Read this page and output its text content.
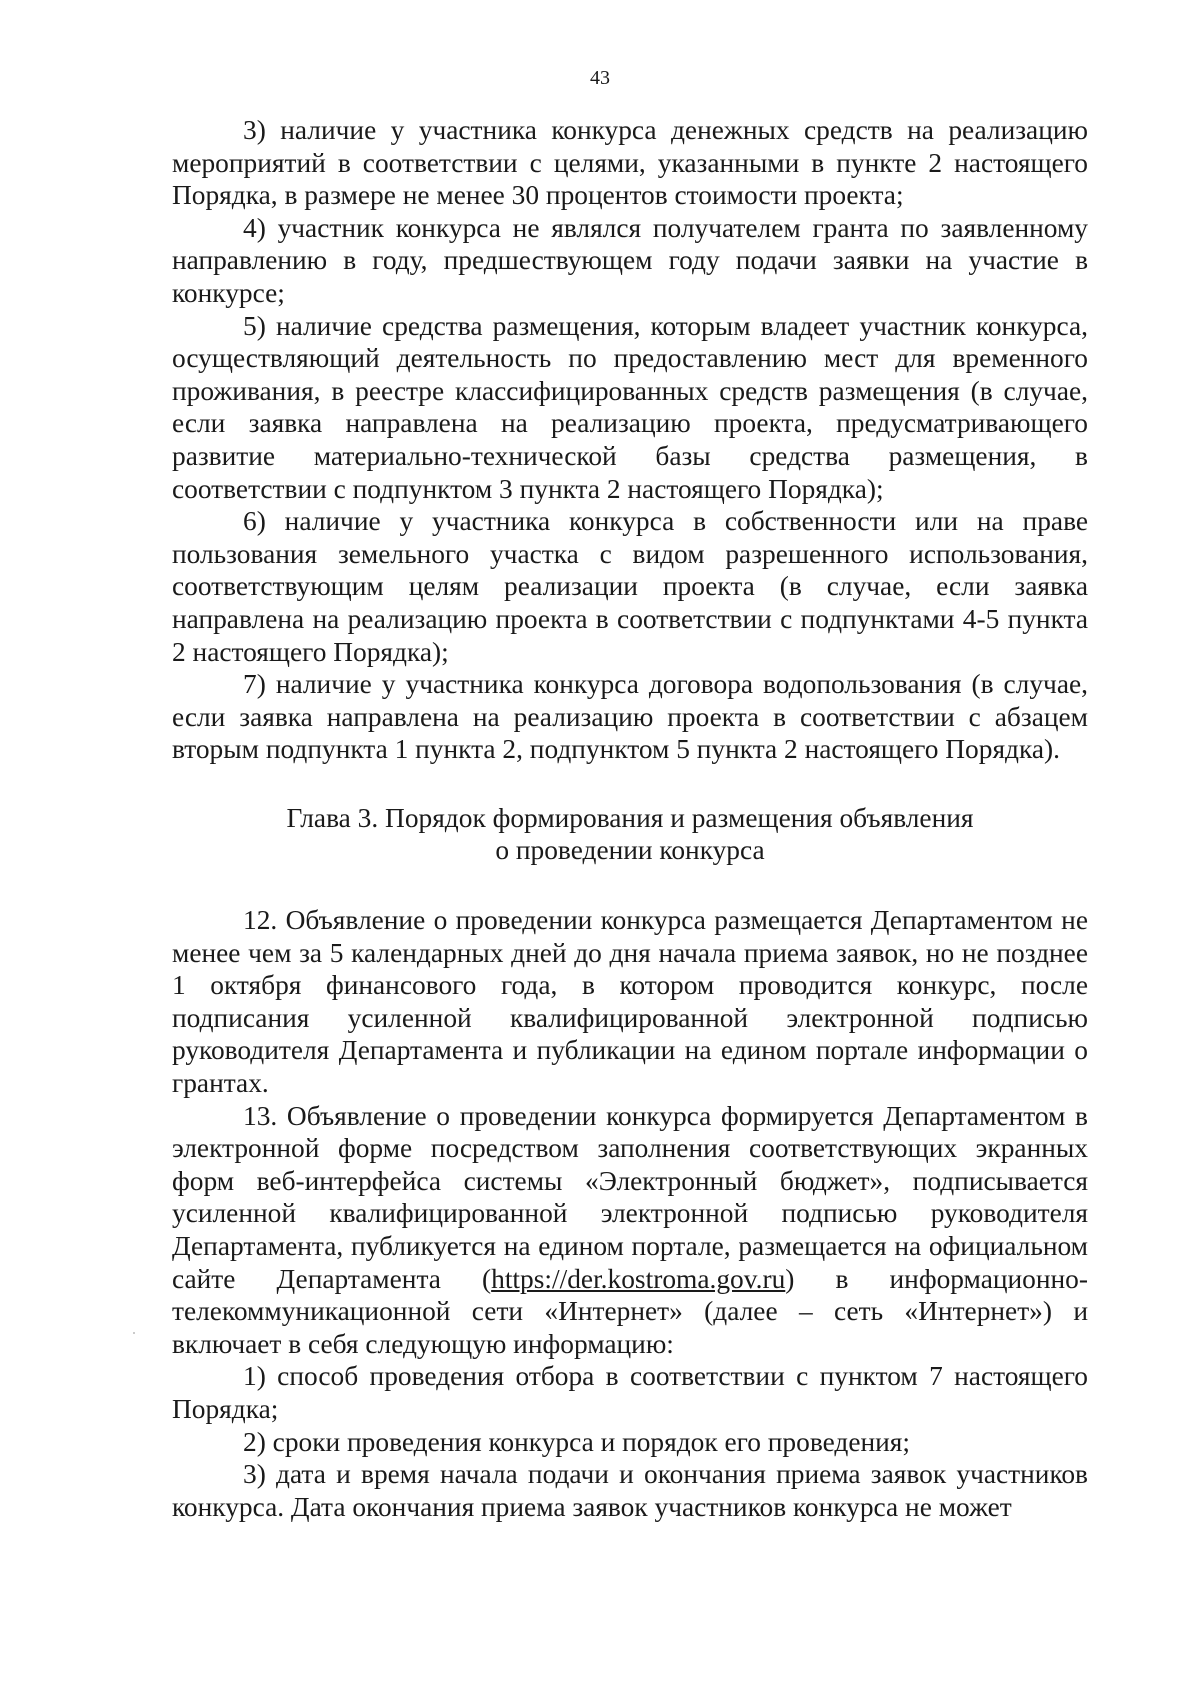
43

3) наличие у участника конкурса денежных средств на реализацию мероприятий в соответствии с целями, указанными в пункте 2 настоящего Порядка, в размере не менее 30 процентов стоимости проекта;

4) участник конкурса не являлся получателем гранта по заявленному направлению в году, предшествующем году подачи заявки на участие в конкурсе;

5) наличие средства размещения, которым владеет участник конкурса, осуществляющий деятельность по предоставлению мест для временного проживания, в реестре классифицированных средств размещения (в случае, если заявка направлена на реализацию проекта, предусматривающего развитие материально-технической базы средства размещения, в соответствии с подпунктом 3 пункта 2 настоящего Порядка);

6) наличие у участника конкурса в собственности или на праве пользования земельного участка с видом разрешенного использования, соответствующим целям реализации проекта (в случае, если заявка направлена на реализацию проекта в соответствии с подпунктами 4-5 пункта 2 настоящего Порядка);

7) наличие у участника конкурса договора водопользования (в случае, если заявка направлена на реализацию проекта в соответствии с абзацем вторым подпункта 1 пункта 2, подпунктом 5 пункта 2 настоящего Порядка).

Глава 3. Порядок формирования и размещения объявления
о проведении конкурса

12. Объявление о проведении конкурса размещается Департаментом не менее чем за 5 календарных дней до дня начала приема заявок, но не позднее 1 октября финансового года, в котором проводится конкурс, после подписания усиленной квалифицированной электронной подписью руководителя Департамента и публикации на едином портале информации о грантах.

13. Объявление о проведении конкурса формируется Департаментом в электронной форме посредством заполнения соответствующих экранных форм веб-интерфейса системы «Электронный бюджет», подписывается усиленной квалифицированной электронной подписью руководителя Департамента, публикуется на едином портале, размещается на официальном сайте Департамента (https://der.kostroma.gov.ru) в информационно-телекоммуникационной сети «Интернет» (далее – сеть «Интернет») и включает в себя следующую информацию:

1) способ проведения отбора в соответствии с пунктом 7 настоящего Порядка;

2) сроки проведения конкурса и порядок его проведения;

3) дата и время начала подачи и окончания приема заявок участников конкурса. Дата окончания приема заявок участников конкурса не может
